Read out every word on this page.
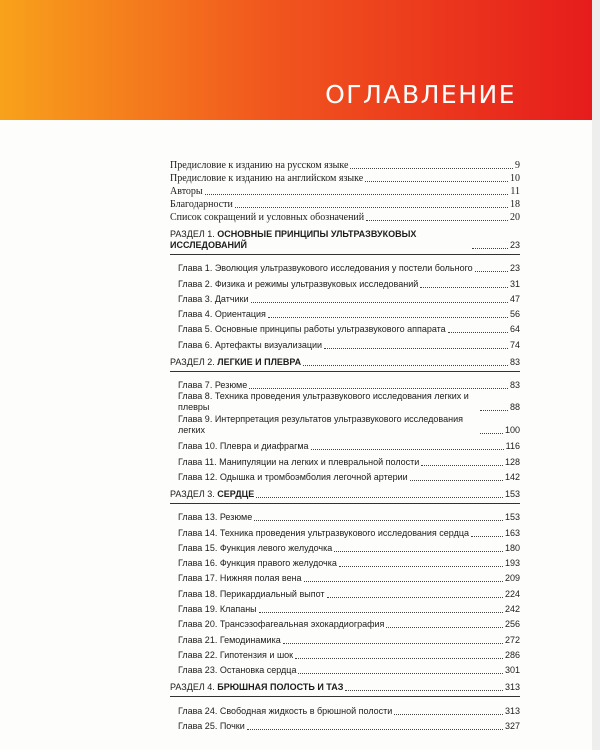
ОГЛАВЛЕНИЕ
Предисловие к изданию на русском языке	9
Предисловие к изданию на английском языке	10
Авторы	11
Благодарности	18
Список сокращений и условных обозначений	20
РАЗДЕЛ 1. ОСНОВНЫЕ ПРИНЦИПЫ УЛЬТРАЗВУКОВЫХ ИССЛЕДОВАНИЙ	23
Глава 1. Эволюция ультразвукового исследования у постели больного	23
Глава 2. Физика и режимы ультразвуковых исследований	31
Глава 3. Датчики	47
Глава 4. Ориентация	56
Глава 5. Основные принципы работы ультразвукового аппарата	64
Глава 6. Артефакты визуализации	74
РАЗДЕЛ 2. ЛЕГКИЕ И ПЛЕВРА	83
Глава 7. Резюме	83
Глава 8. Техника проведения ультразвукового исследования легких и плевры	88
Глава 9. Интерпретация результатов ультразвукового исследования легких	100
Глава 10. Плевра и диафрагма	116
Глава 11. Манипуляции на легких и плевральной полости	128
Глава 12. Одышка и тромбоэмболия легочной артерии	142
РАЗДЕЛ 3. СЕРДЦЕ	153
Глава 13. Резюме	153
Глава 14. Техника проведения ультразвукового исследования сердца	163
Глава 15. Функция левого желудочка	180
Глава 16. Функция правого желудочка	193
Глава 17. Нижняя полая вена	209
Глава 18. Перикардиальный выпот	224
Глава 19. Клапаны	242
Глава 20. Трансэзофагеальная эхокардиография	256
Глава 21. Гемодинамика	272
Глава 22. Гипотензия и шок	286
Глава 23. Остановка сердца	301
РАЗДЕЛ 4. БРЮШНАЯ ПОЛОСТЬ И ТАЗ	313
Глава 24. Свободная жидкость в брюшной полости	313
Глава 25. Почки	327
